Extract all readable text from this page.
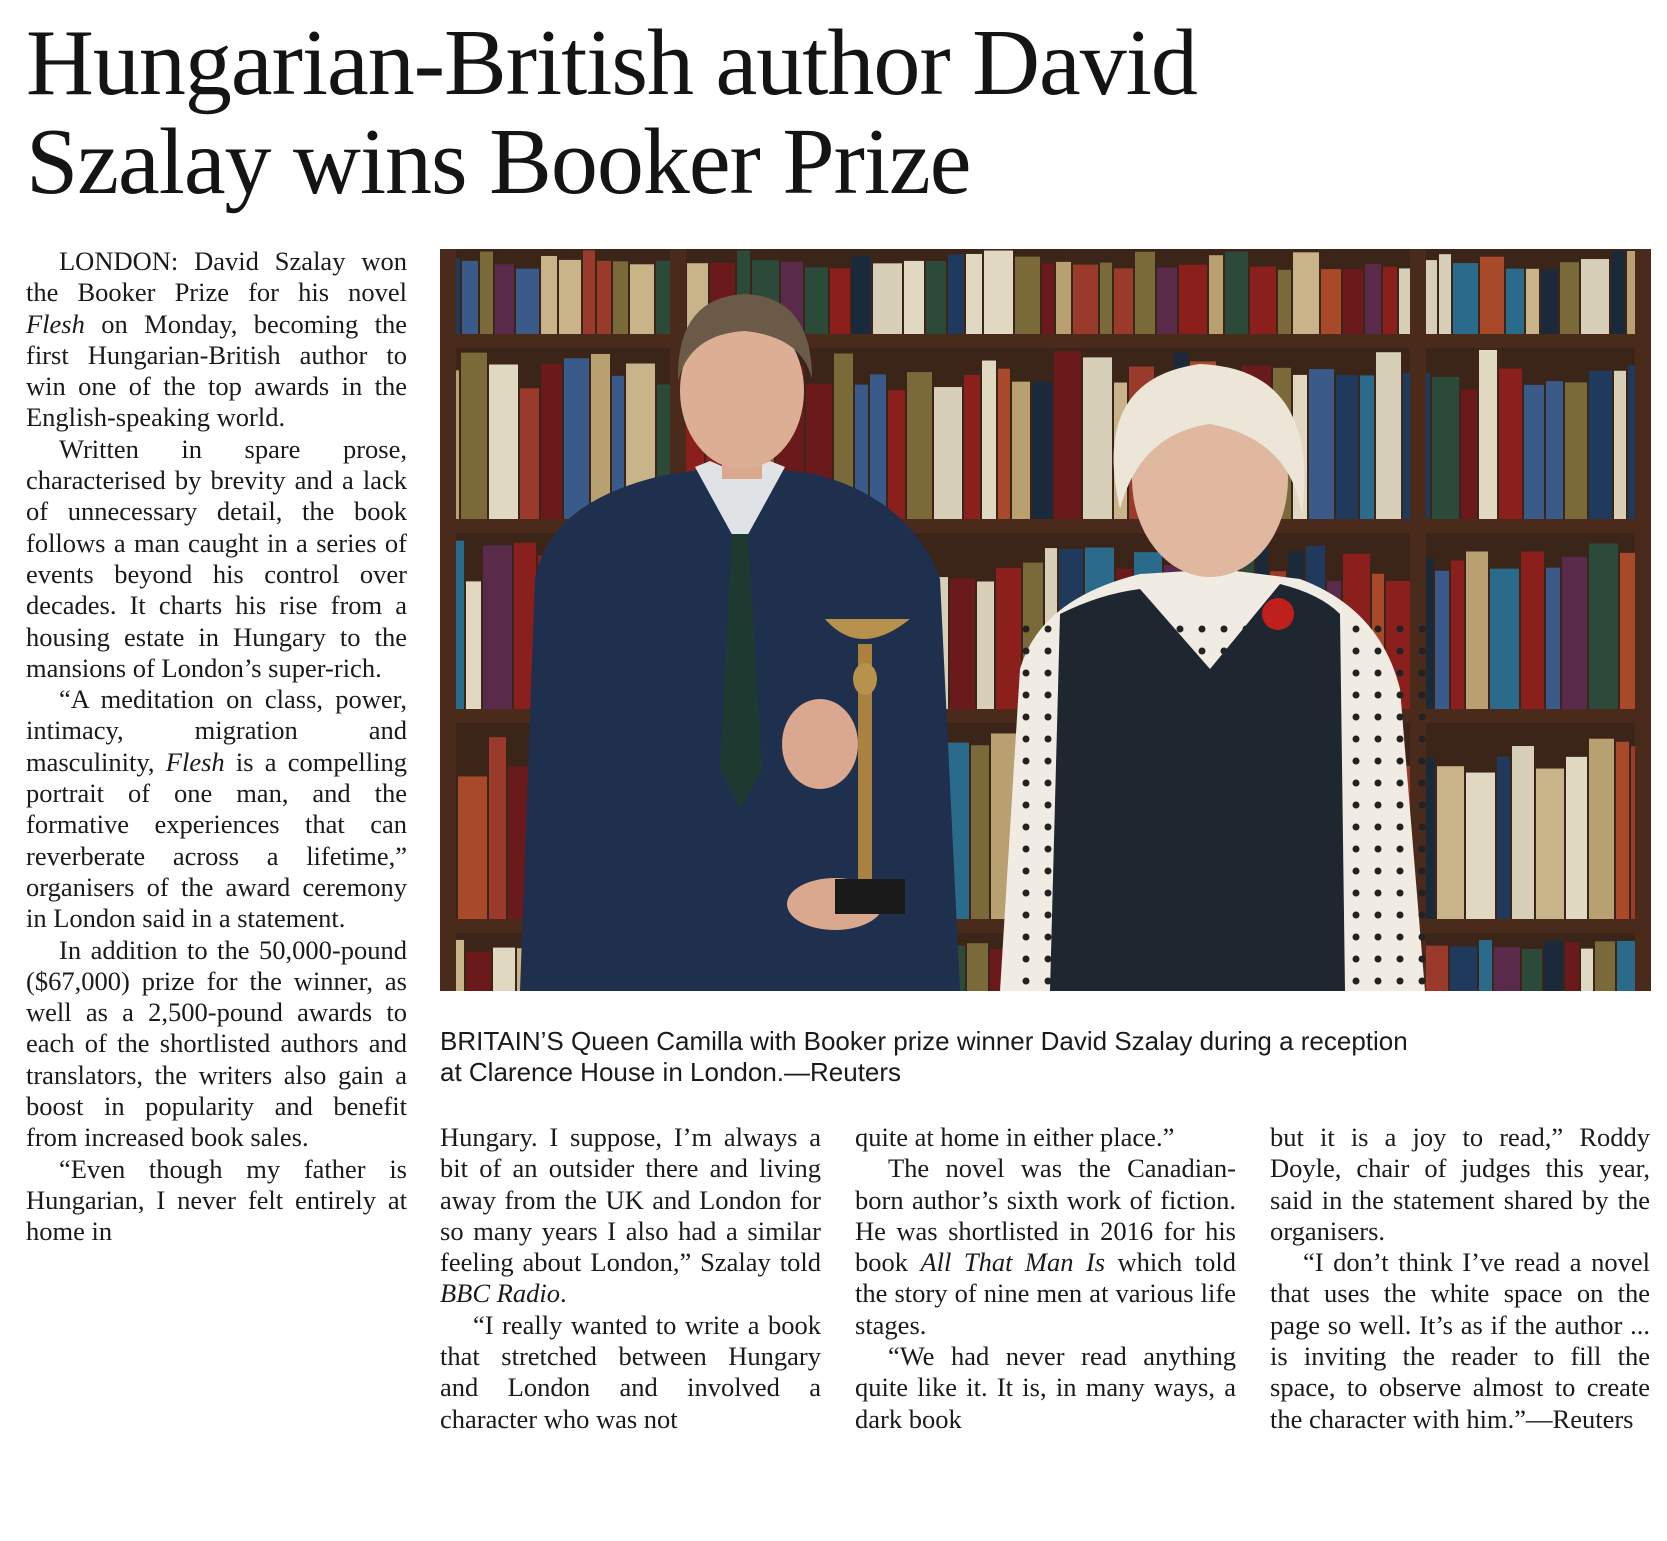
Hungarian-British author David
Szalay wins Booker Prize

LONDON: David Szalay won the Booker Prize for his novel Flesh on Monday, becoming the first Hungarian-British author to win one of the top awards in the English-speaking world.

Written in spare prose, characterised by brevity and a lack of unnecessary detail, the book follows a man caught in a series of events beyond his control over decades. It charts his rise from a housing estate in Hungary to the mansions of London’s super-rich.

“A meditation on class, power, intimacy, migration and masculinity, Flesh is a compelling portrait of one man, and the formative experiences that can reverberate across a lifetime,” organisers of the award ceremony in London said in a statement.

In addition to the 50,000-pound ($67,000) prize for the winner, as well as a 2,500-pound awards to each of the shortlisted authors and translators, the writers also gain a boost in popularity and benefit from increased book sales.

“Even though my father is Hungarian, I never felt entirely at home in

BRITAIN’S Queen Camilla with Booker prize winner David Szalay during a reception
at Clarence House in London.—Reuters

Hungary. I suppose, I’m always a bit of an outsider there and living away from the UK and London for so many years I also had a similar feeling about London,” Szalay told BBC Radio.

“I really wanted to write a book that stretched between Hungary and London and involved a character who was not

quite at home in either place.”

The novel was the Canadian-born author’s sixth work of fiction. He was shortlisted in 2016 for his book All That Man Is which told the story of nine men at various life stages.

“We had never read anything quite like it. It is, in many ways, a dark book

but it is a joy to read,” Roddy Doyle, chair of judges this year, said in the statement shared by the organisers.

“I don’t think I’ve read a novel that uses the white space on the page so well. It’s as if the author ... is inviting the reader to fill the space, to observe almost to create the character with him.”—Reuters
